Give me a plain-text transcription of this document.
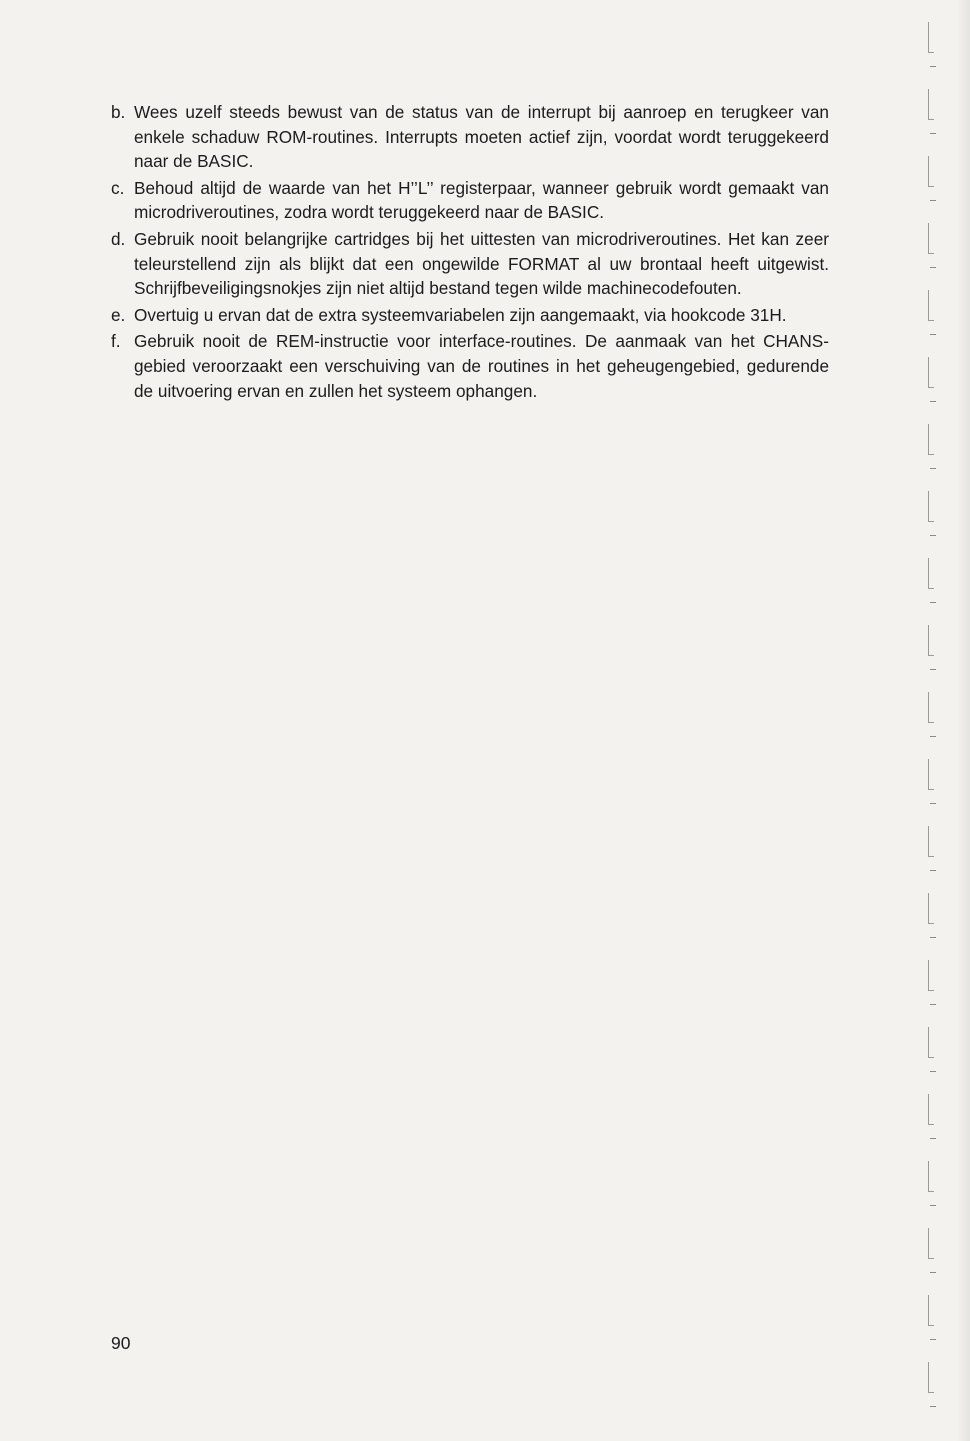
b. Wees uzelf steeds bewust van de status van de interrupt bij aanroep en terugkeer van enkele schaduw ROM-routines. Interrupts moeten actief zijn, voordat wordt teruggekeerd naar de BASIC.
c. Behoud altijd de waarde van het H’’L’’ registerpaar, wanneer gebruik wordt gemaakt van microdriveroutines, zodra wordt teruggekeerd naar de BASIC.
d. Gebruik nooit belangrijke cartridges bij het uittesten van microdriveroutines. Het kan zeer teleurstellend zijn als blijkt dat een ongewilde FORMAT al uw brontaal heeft uitgewist. Schrijfbeveiligingsnokjes zijn niet altijd bestand tegen wilde machinecodefouten.
e. Overtuig u ervan dat de extra systeemvariabelen zijn aangemaakt, via hookcode 31H.
f. Gebruik nooit de REM-instructie voor interface-routines. De aanmaak van het CHANS-gebied veroorzaakt een verschuiving van de routines in het geheugengebied, gedurende de uitvoering ervan en zullen het systeem ophangen.
90
